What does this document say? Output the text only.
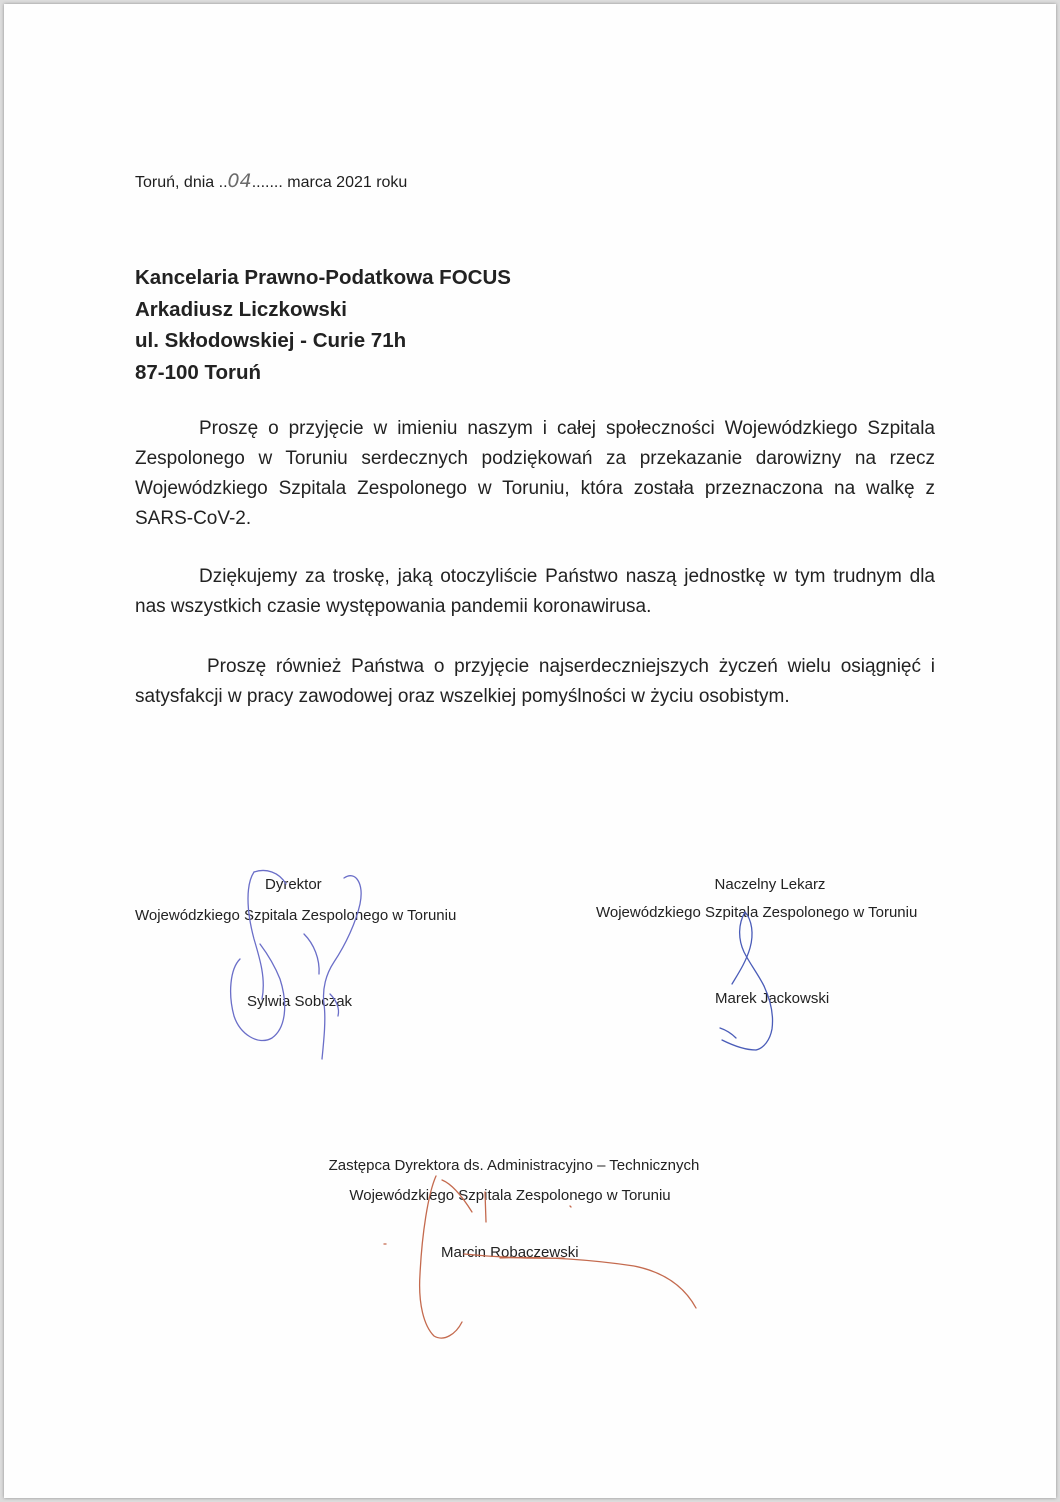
Toruń, dnia ..04....... marca 2021 roku
Kancelaria Prawno-Podatkowa FOCUS
Arkadiusz Liczkowski
ul. Skłodowskiej - Curie 71h
87-100 Toruń

Proszę o przyjęcie w imieniu naszym i całej społeczności Wojewódzkiego Szpitala Zespolonego w Toruniu serdecznych podziękowań za przekazanie darowizny na rzecz Wojewódzkiego Szpitala Zespolonego w Toruniu, która została przeznaczona na walkę z SARS-CoV-2.

Dziękujemy za troskę, jaką otoczyliście Państwo naszą jednostkę w tym trudnym dla nas wszystkich czasie występowania pandemii koronawirusa.

Proszę również Państwa o przyjęcie najserdeczniejszych życzeń wielu osiągnięć i satysfakcji w pracy zawodowej oraz wszelkiej pomyślności w życiu osobistym.

Dyrektor
Wojewódzkiego Szpitala Zespolonego w Toruniu
Sylwia Sobczak
Naczelny Lekarz
Wojewódzkiego Szpitala Zespolonego w Toruniu
Marek Jackowski
Zastępca Dyrektora ds. Administracyjno – Technicznych
Wojewódzkiego Szpitala Zespolonego w Toruniu
Marcin Robaczewski
